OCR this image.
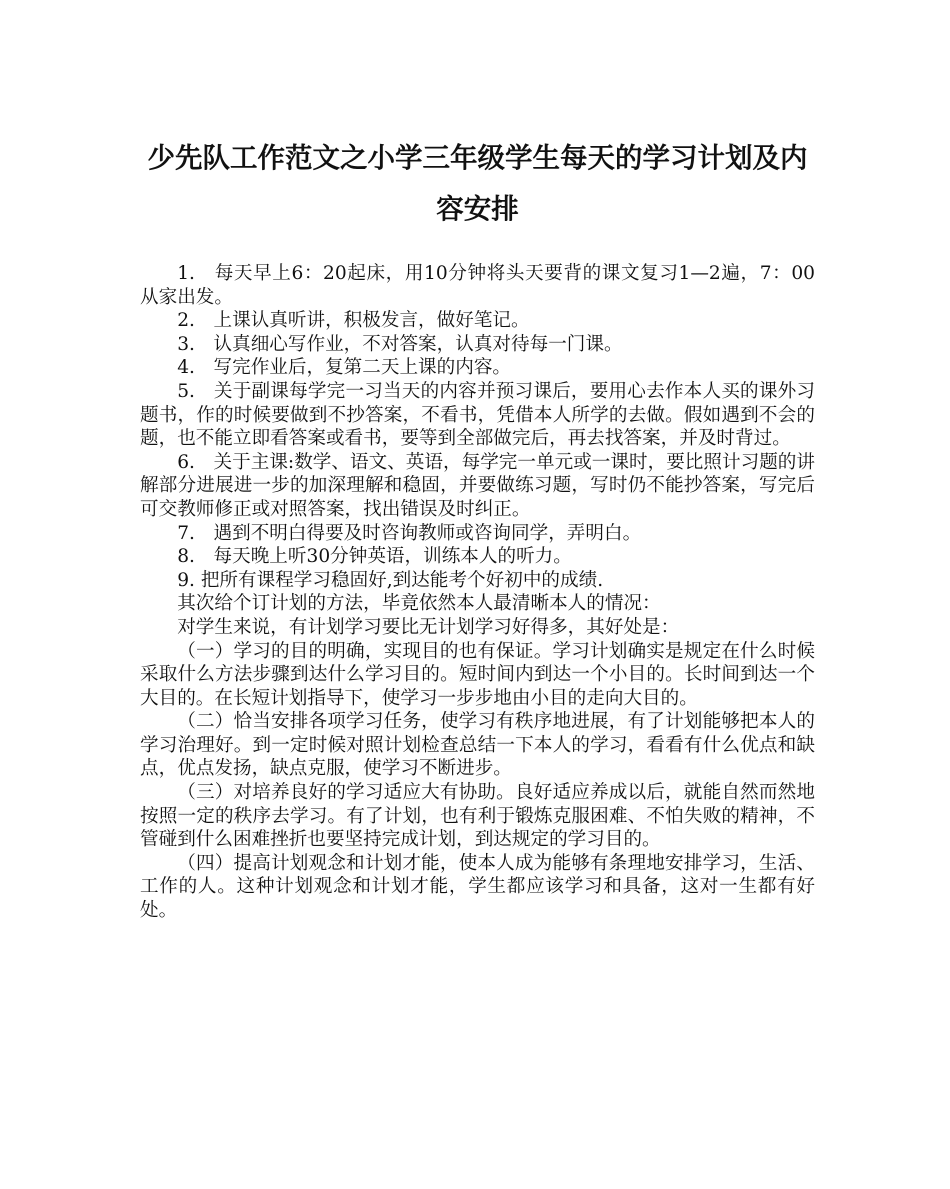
少先队工作范文之小学三年级学生每天的学习计划及内容安排

1.　每天早上6：20起床，用10分钟将头天要背的课文复习1—2遍，7：00从家出发。

2.　上课认真听讲，积极发言，做好笔记。

3.　认真细心写作业，不对答案，认真对待每一门课。

4.　写完作业后，复第二天上课的内容。

5.　关于副课每学完一习当天的内容并预习课后，要用心去作本人买的课外习题书，作的时候要做到不抄答案，不看书，凭借本人所学的去做。假如遇到不会的题，也不能立即看答案或看书，要等到全部做完后，再去找答案，并及时背过。

6.　关于主课:数学、语文、英语，每学完一单元或一课时，要比照计习题的讲解部分进展进一步的加深理解和稳固，并要做练习题，写时仍不能抄答案，写完后可交教师修正或对照答案，找出错误及时纠正。

7.　遇到不明白得要及时咨询教师或咨询同学，弄明白。

8.　每天晚上听30分钟英语，训练本人的听力。

9. 把所有课程学习稳固好,到达能考个好初中的成绩.

其次给个订计划的方法，毕竟依然本人最清晰本人的情况：

对学生来说，有计划学习要比无计划学习好得多，其好处是：

（一）学习的目的明确，实现目的也有保证。学习计划确实是规定在什么时候采取什么方法步骤到达什么学习目的。短时间内到达一个小目的。长时间到达一个大目的。在长短计划指导下，使学习一步步地由小目的走向大目的。

（二）恰当安排各项学习任务，使学习有秩序地进展，有了计划能够把本人的学习治理好。到一定时候对照计划检查总结一下本人的学习，看看有什么优点和缺点，优点发扬，缺点克服，使学习不断进步。

（三）对培养良好的学习适应大有协助。良好适应养成以后，就能自然而然地按照一定的秩序去学习。有了计划，也有利于锻炼克服困难、不怕失败的精神，不管碰到什么困难挫折也要坚持完成计划，到达规定的学习目的。

（四）提高计划观念和计划才能，使本人成为能够有条理地安排学习，生活、工作的人。这种计划观念和计划才能，学生都应该学习和具备，这对一生都有好处。
